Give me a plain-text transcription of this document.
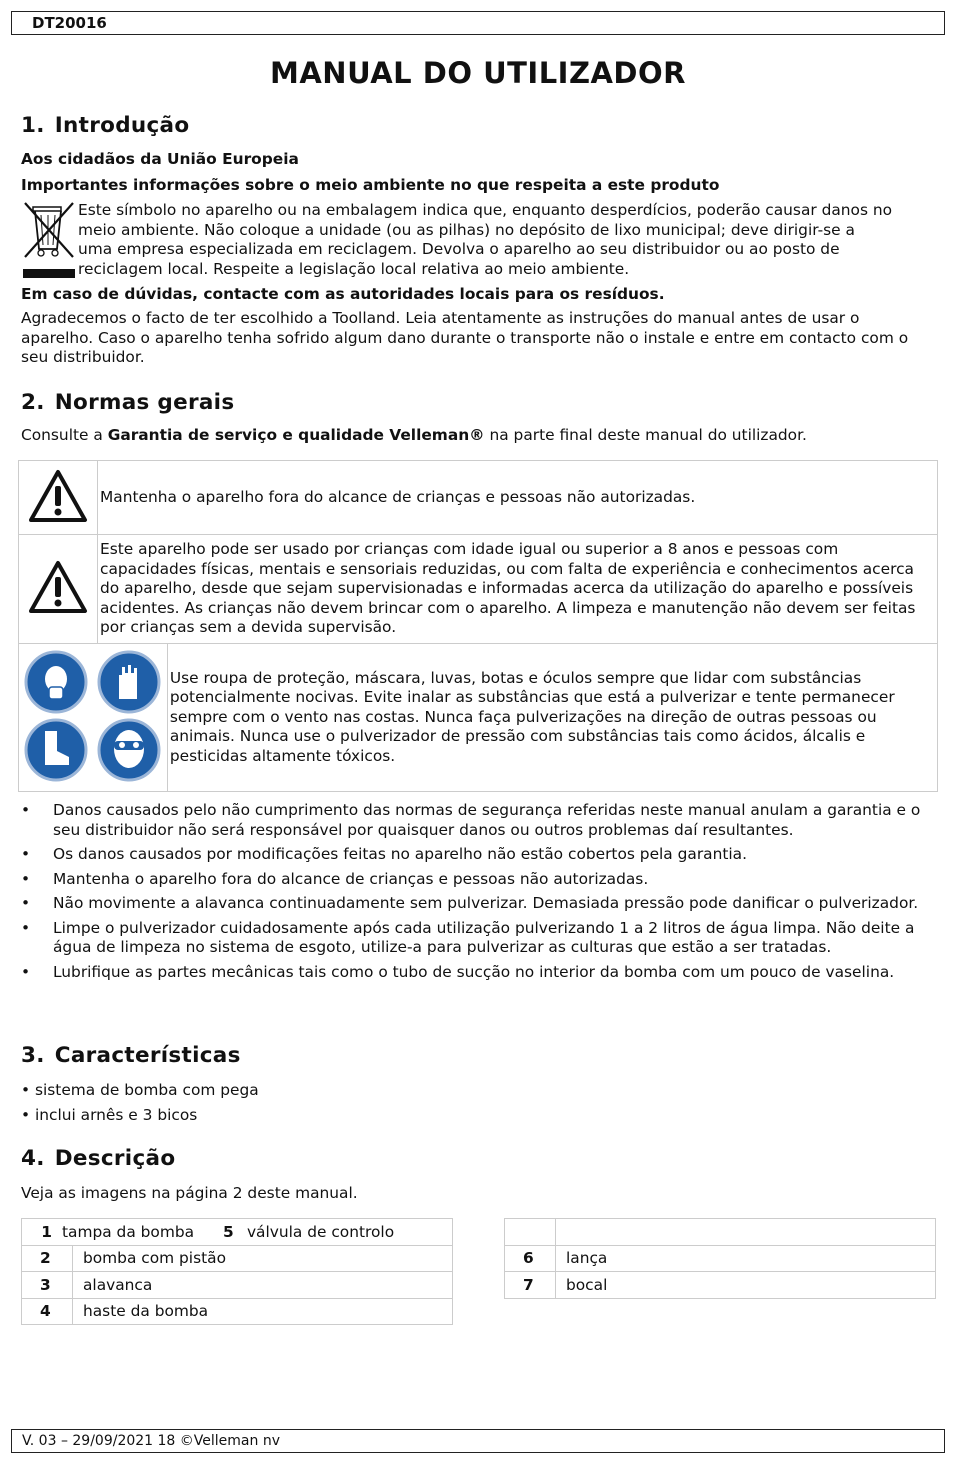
DT20016
MANUAL DO UTILIZADOR
1. Introdução
Aos cidadãos da União Europeia
Importantes informações sobre o meio ambiente no que respeita a este produto
Este símbolo no aparelho ou na embalagem indica que, enquanto desperdícios, poderão causar danos no
meio ambiente. Não coloque a unidade (ou as pilhas) no depósito de lixo municipal; deve dirigir-se a
uma empresa especializada em reciclagem. Devolva o aparelho ao seu distribuidor ou ao posto de
reciclagem local. Respeite a legislação local relativa ao meio ambiente.
Em caso de dúvidas, contacte com as autoridades locais para os resíduos.
Agradecemos o facto de ter escolhido a Toolland. Leia atentamente as instruções do manual antes de usar o aparelho. Caso o aparelho tenha sofrido algum dano durante o transporte não o instale e entre em contacto com o seu distribuidor.
2. Normas gerais
Consulte a Garantia de serviço e qualidade Velleman® na parte final deste manual do utilizador.
	Mantenha o aparelho fora do alcance de crianças e pessoas não autorizadas.	
	Este aparelho pode ser usado por crianças com idade igual ou superior a 8 anos e pessoas com capacidades físicas, mentais e sensoriais reduzidas, ou com falta de experiência e conhecimentos acerca do aparelho, desde que sejam supervisionadas e informadas acerca da utilização do aparelho e possíveis acidentes. As crianças não devem brincar com o aparelho. A limpeza e manutenção não devem ser feitas por crianças sem a devida supervisão.	
	Use roupa de proteção, máscara, luvas, botas e óculos sempre que lidar com substâncias potencialmente nocivas. Evite inalar as substâncias que está a pulverizar e tente permanecer sempre com o vento nas costas. Nunca faça pulverizações na direção de outras pessoas ou animais. Nunca use o pulverizador de pressão com substâncias tais como ácidos, álcalis e pesticidas altamente tóxicos.
• Danos causados pelo não cumprimento das normas de segurança referidas neste manual anulam a garantia e o seu distribuidor não será responsável por quaisquer danos ou outros problemas daí resultantes.
• Os danos causados por modificações feitas no aparelho não estão cobertos pela garantia.
• Mantenha o aparelho fora do alcance de crianças e pessoas não autorizadas.
• Não movimente a alavanca continuadamente sem pulverizar. Demasiada pressão pode danificar o pulverizador.
• Limpe o pulverizador cuidadosamente após cada utilização pulverizando 1 a 2 litros de água limpa. Não deite a água de limpeza no sistema de esgoto, utilize-a para pulverizar as culturas que estão a ser tratadas.
• Lubrifique as partes mecânicas tais como o tubo de sucção no interior da bomba com um pouco de vaselina.
3. Características
• sistema de bomba com pega
• inclui arnês e 3 bicos
4. Descrição
Veja as imagens na página 2 deste manual.
1 tampa da bomba 5 válvula de controlo	
2	bomba com pistão
3	alavanca
4	haste da bomba

6	lança
7	bocal
V. 03 – 29/09/2021 18 ©Velleman nv
